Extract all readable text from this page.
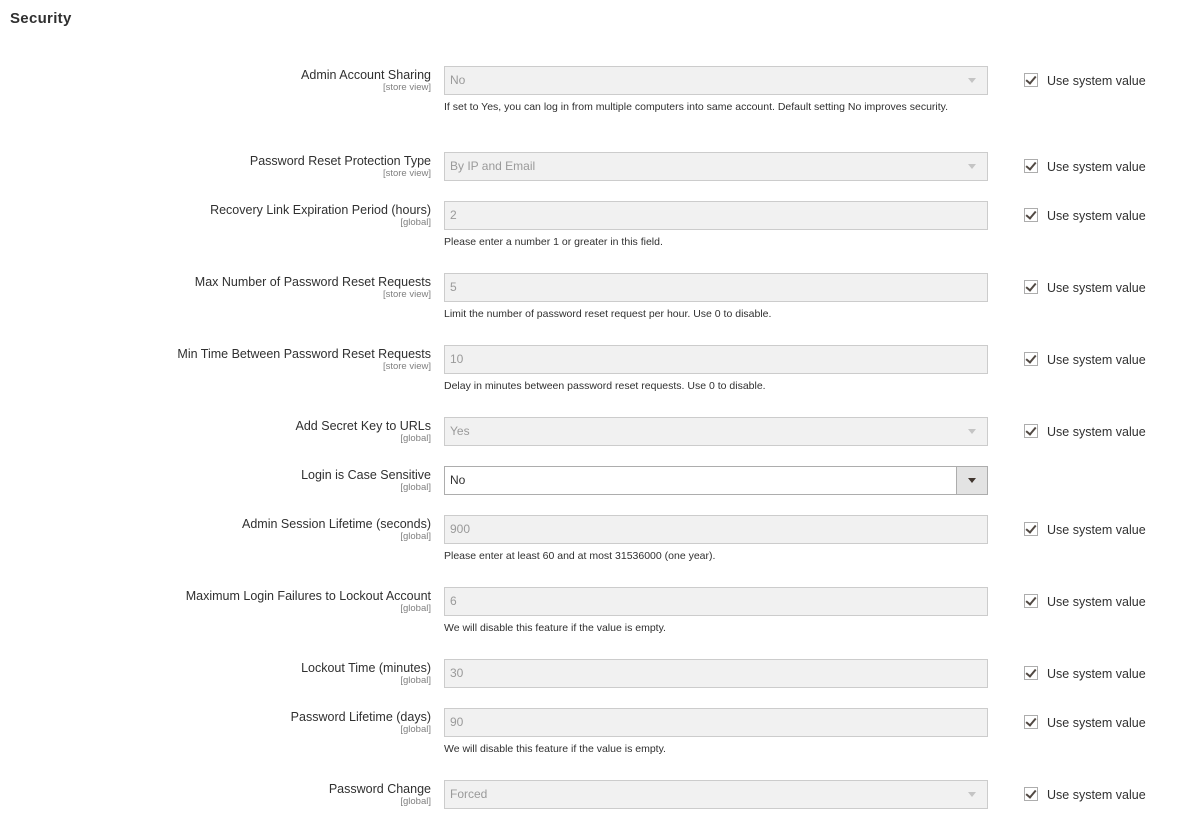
Security
Admin Account Sharing
[store view]
No
If set to Yes, you can log in from multiple computers into same account. Default setting No improves security.
Use system value
Password Reset Protection Type
[store view]
By IP and Email	Use system value
Recovery Link Expiration Period (hours)
[global]
2
Please enter a number 1 or greater in this field.
Use system value
Max Number of Password Reset Requests
[store view]
5
Limit the number of password reset request per hour. Use 0 to disable.
Use system value
Min Time Between Password Reset Requests
[store view]
10
Delay in minutes between password reset requests. Use 0 to disable.
Use system value
Add Secret Key to URLs
[global]
Yes	Use system value
Login is Case Sensitive
[global]
No
Admin Session Lifetime (seconds)
[global]
900
Please enter at least 60 and at most 31536000 (one year).
Use system value
Maximum Login Failures to Lockout Account
[global]
6
We will disable this feature if the value is empty.
Use system value
Lockout Time (minutes)
[global]
30	Use system value
Password Lifetime (days)
[global]
90
We will disable this feature if the value is empty.
Use system value
Password Change
[global]
Forced	Use system value
